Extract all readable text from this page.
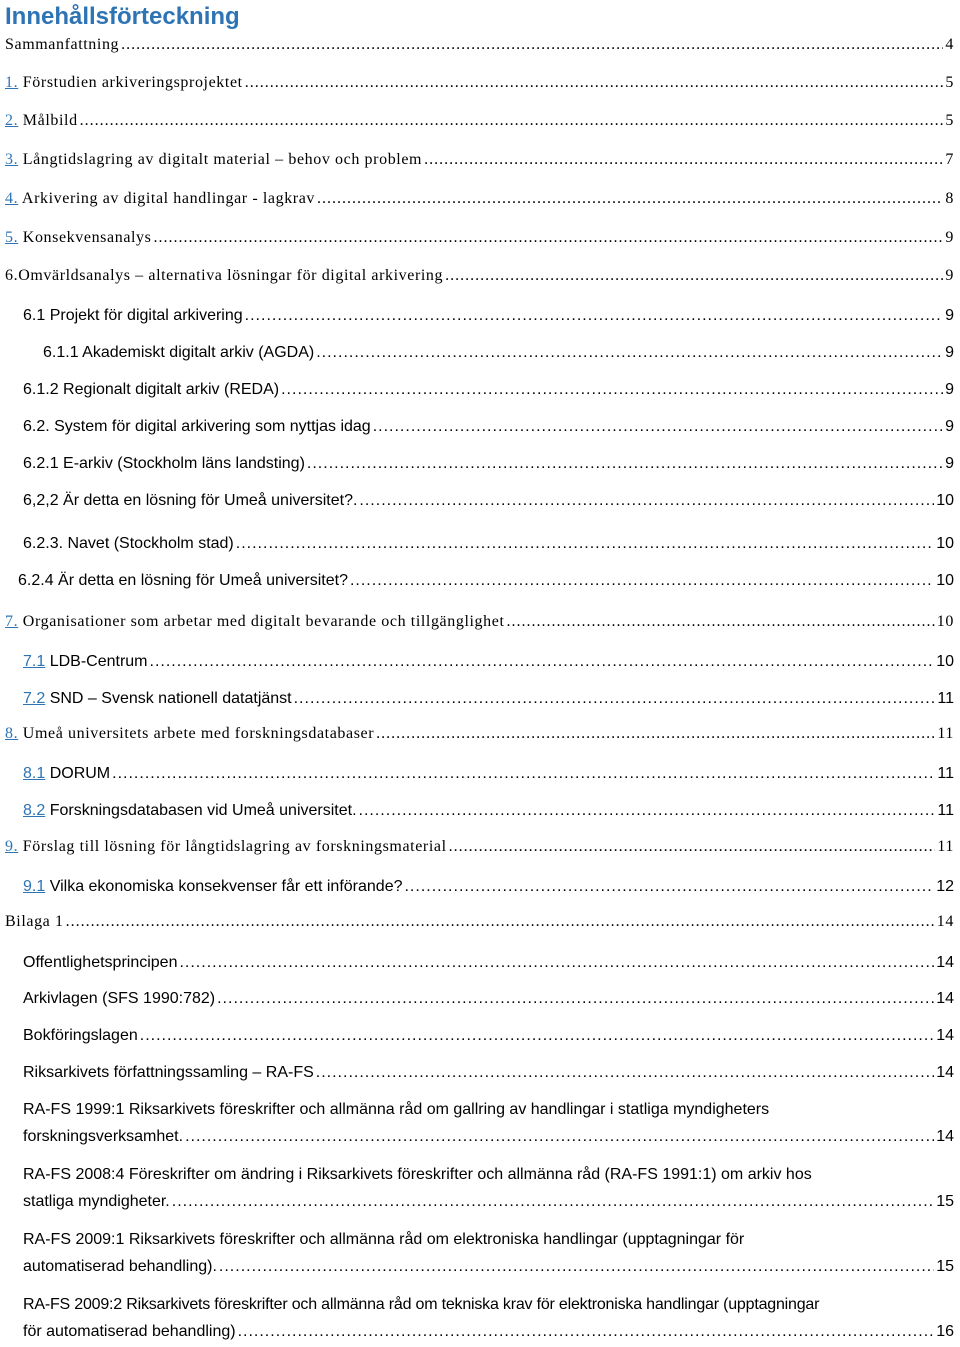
Innehållsförteckning
Sammanfattning .....	4
1. Förstudien arkiveringsprojektet .....	5
2. Målbild .....	5
3. Långtidslagring av digitalt material – behov och problem .....	7
4. Arkivering av digital handlingar - lagkrav .....	8
5. Konsekvensanalys .....	9
6.Omvärldsanalys – alternativa lösningar för digital arkivering .....	9
6.1 Projekt för digital arkivering .....	9
6.1.1 Akademiskt digitalt arkiv (AGDA) .....	9
6.1.2 Regionalt digitalt arkiv (REDA) .....	9
6.2. System för digital arkivering som nyttjas idag .....	9
6.2.1 E-arkiv (Stockholm läns landsting) .....	9
6,2,2 Är detta en lösning för Umeå universitet?. .....	10
6.2.3. Navet (Stockholm stad) .....	10
6.2.4 Är detta en lösning för Umeå universitet? .....	10
7. Organisationer som arbetar med digitalt bevarande och tillgänglighet .....	10
7.1 LDB-Centrum .....	10
7.2 SND – Svensk nationell datatjänst .....	11
8. Umeå universitets arbete med forskningsdatabaser .....	11
8.1 DORUM .....	11
8.2 Forskningsdatabasen vid Umeå universitet. .....	11
9. Förslag till lösning för långtidslagring av forskningsmaterial .....	11
9.1 Vilka ekonomiska konsekvenser får ett införande? .....	12
Bilaga 1 .....	14
Offentlighetsprincipen .....	14
Arkivlagen (SFS 1990:782) .....	14
Bokföringslagen .....	14
Riksarkivets författningssamling – RA-FS .....	14
RA-FS 1999:1 Riksarkivets föreskrifter och allmänna råd om gallring av handlingar i statliga myndigheters
forskningsverksamhet. .....	14
RA-FS 2008:4 Föreskrifter om ändring i Riksarkivets föreskrifter och allmänna råd (RA-FS 1991:1) om arkiv hos
statliga myndigheter. .....	15
RA-FS 2009:1 Riksarkivets föreskrifter och allmänna råd om elektroniska handlingar (upptagningar för
automatiserad behandling). .....	15
RA-FS 2009:2 Riksarkivets föreskrifter och allmänna råd om tekniska krav för elektroniska handlingar (upptagningar
för automatiserad behandling) .....	16
